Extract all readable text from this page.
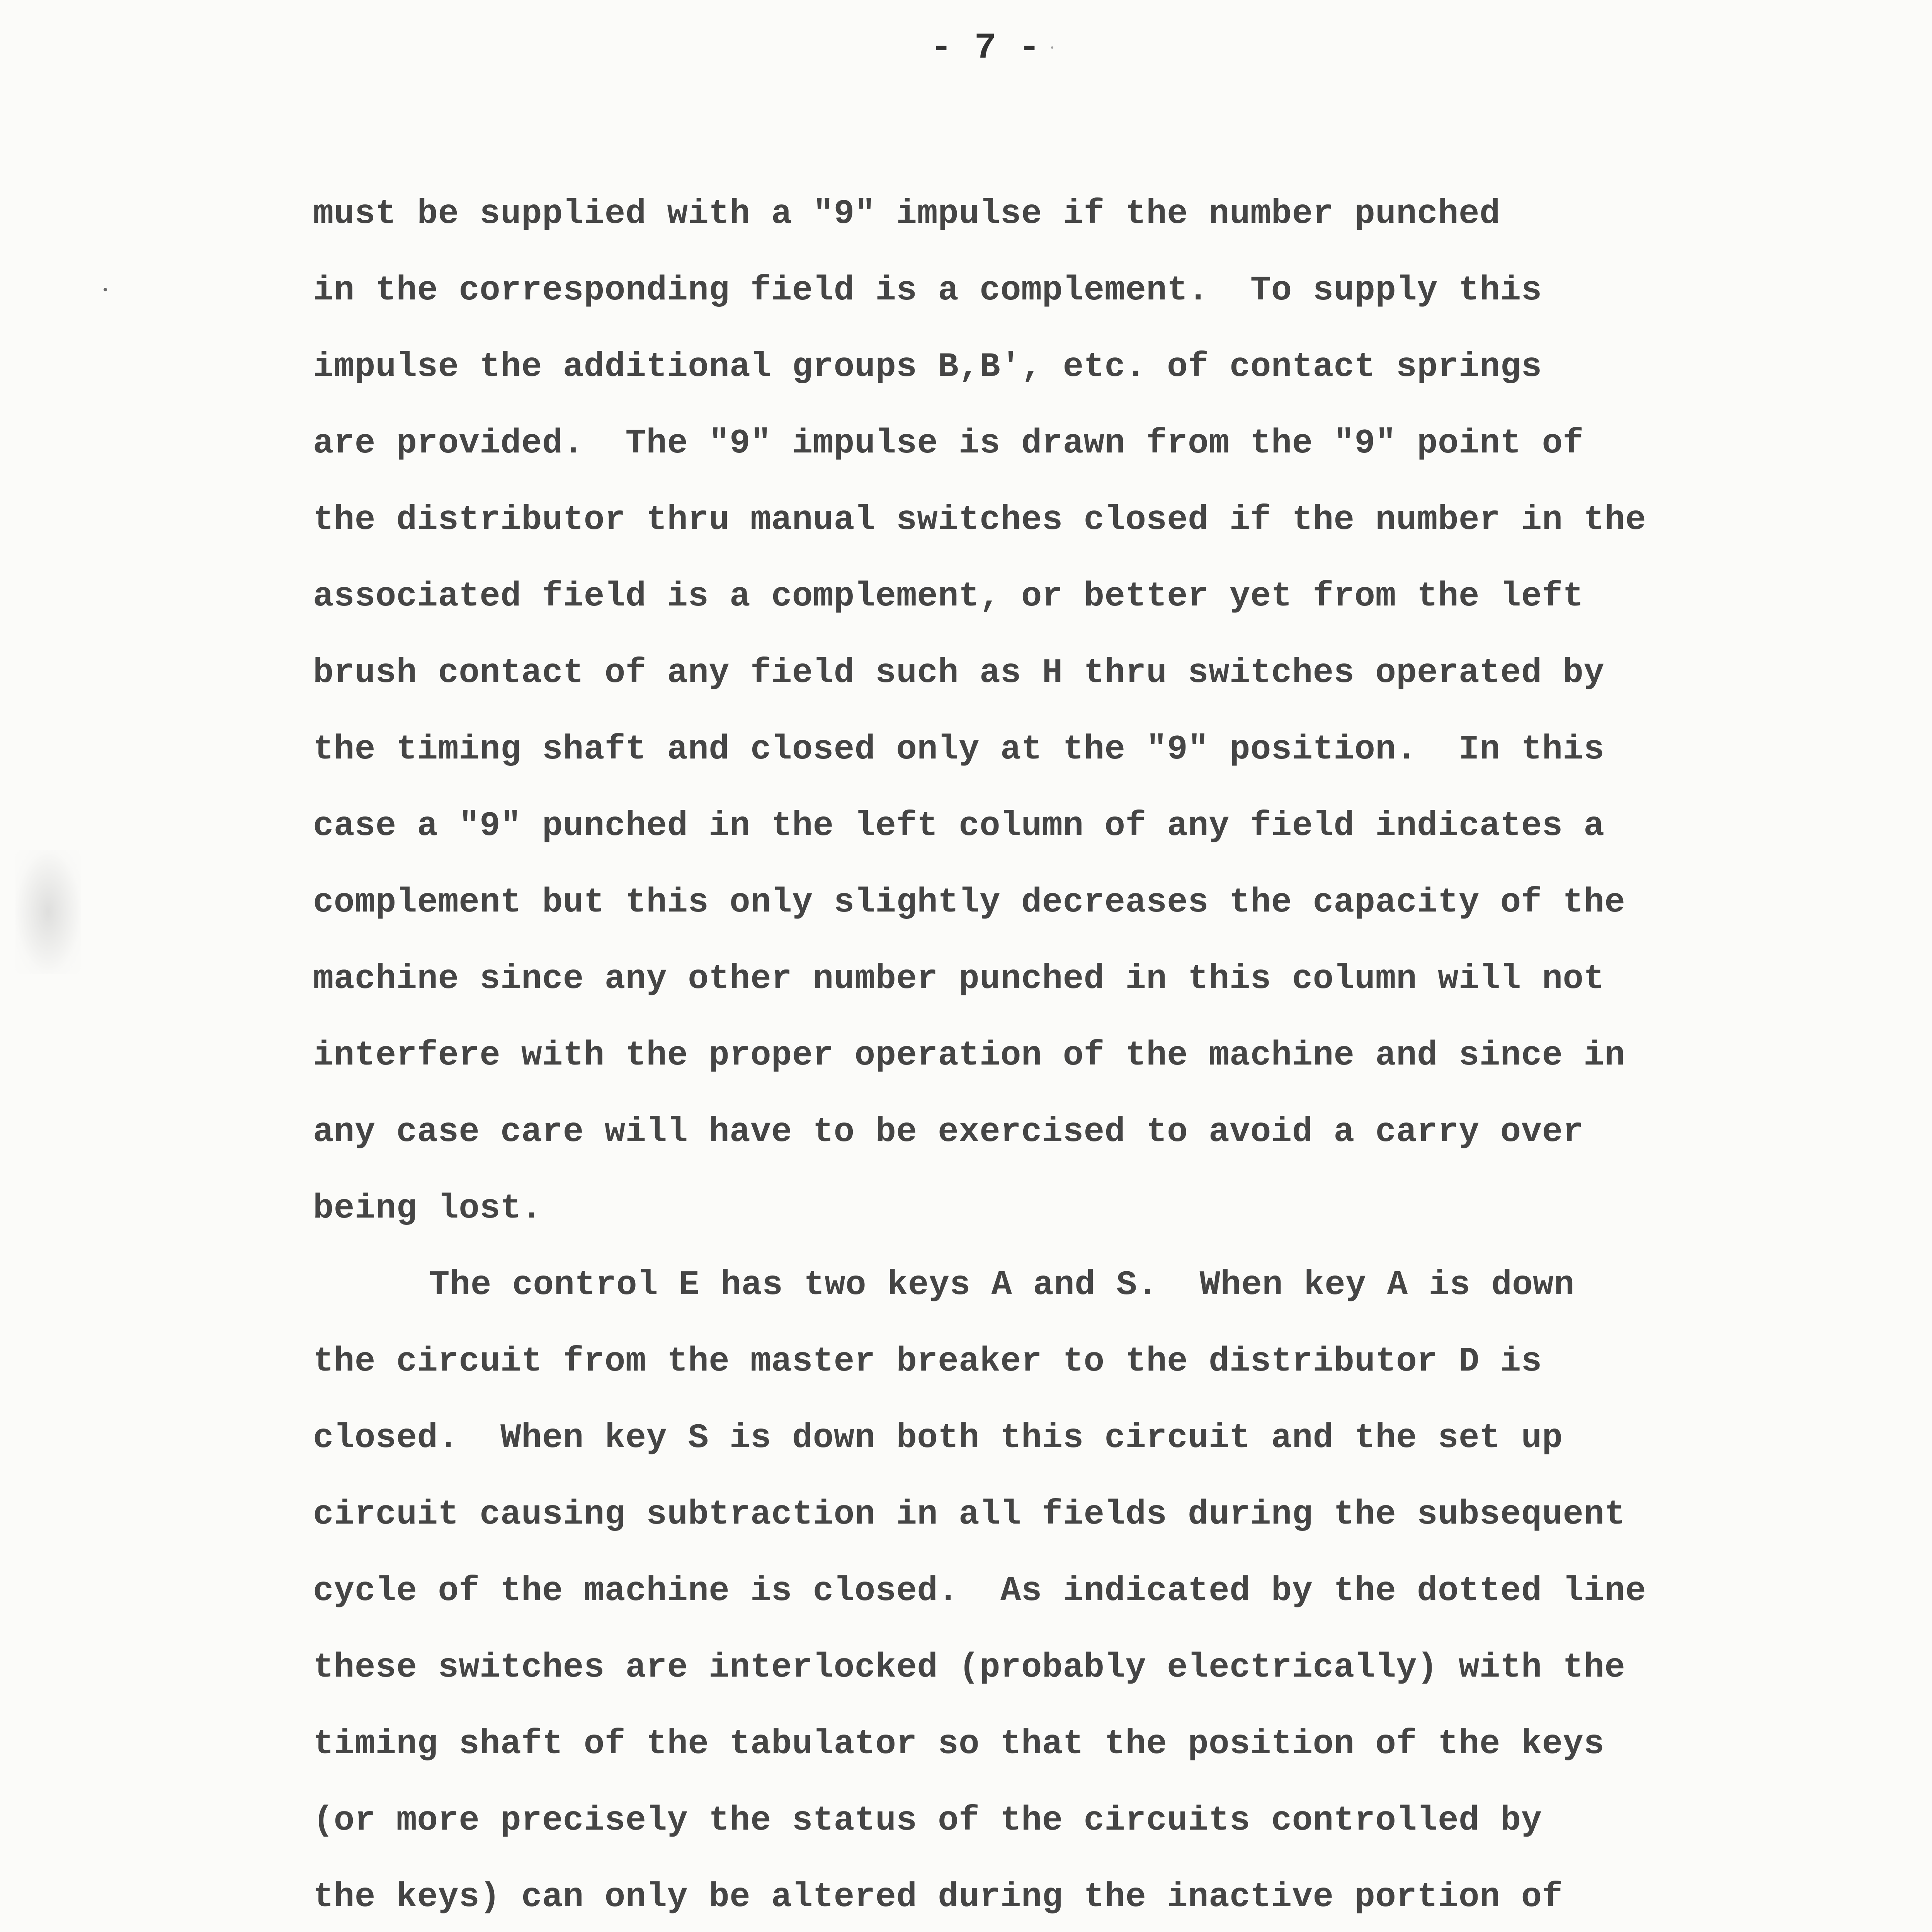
- 7 -
must be supplied with a "9" impulse if the number punched
in the corresponding field is a complement.  To supply this
impulse the additional groups B,B', etc. of contact springs
are provided.  The "9" impulse is drawn from the "9" point of
the distributor thru manual switches closed if the number in the
associated field is a complement, or better yet from the left
brush contact of any field such as H thru switches operated by
the timing shaft and closed only at the "9" position.  In this
case a "9" punched in the left column of any field indicates a
complement but this only slightly decreases the capacity of the
machine since any other number punched in this column will not
interfere with the proper operation of the machine and since in
any case care will have to be exercised to avoid a carry over
being lost.
The control E has two keys A and S.  When key A is down
the circuit from the master breaker to the distributor D is
closed.  When key S is down both this circuit and the set up
circuit causing subtraction in all fields during the subsequent
cycle of the machine is closed.  As indicated by the dotted line
these switches are interlocked (probably electrically) with the
timing shaft of the tabulator so that the position of the keys
(or more precisely the status of the circuits controlled by
the keys) can only be altered during the inactive portion of
